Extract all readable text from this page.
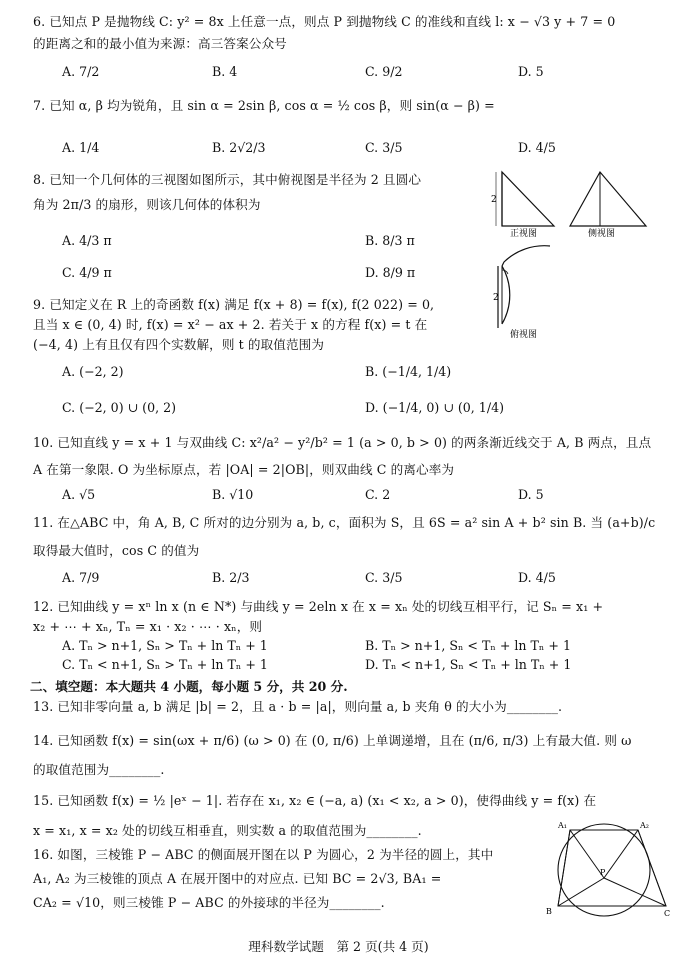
6. 已知点 P 是抛物线 C: y² = 8x 上任意一点，则点 P 到抛物线 C 的准线和直线 l: x − √3 y + 7 = 0
的距离之和的最小值为来源：高三答案公众号
A. 7/2	B. 4	C. 9/2	D. 5
7. 已知 α, β 均为锐角，且 sin α = 2sin β, cos α = ½ cos β，则 sin(α − β) =
A. 1/4	B. 2√2/3	C. 3/5	D. 4/5
8. 已知一个几何体的三视图如图所示，其中俯视图是半径为 2 且圆心
角为 2π/3 的扇形，则该几何体的体积为
A. 4/3 π	B. 8/3 π
C. 4/9 π	D. 8/9 π
9. 已知定义在 R 上的奇函数 f(x) 满足 f(x + 8) = f(x), f(2 022) = 0,
且当 x ∈ (0, 4) 时, f(x) = x² − ax + 2. 若关于 x 的方程 f(x) = t 在
(−4, 4) 上有且仅有四个实数解，则 t 的取值范围为
A. (−2, 2)	B. (−1/4, 1/4)
C. (−2, 0) ∪ (0, 2)	D. (−1/4, 0) ∪ (0, 1/4)
10. 已知直线 y = x + 1 与双曲线 C: x²/a² − y²/b² = 1 (a > 0, b > 0) 的两条渐近线交于 A, B 两点，且点
A 在第一象限. O 为坐标原点，若 |OA| = 2|OB|，则双曲线 C 的离心率为
A. √5	B. √10	C. 2	D. 5
11. 在△ABC 中，角 A, B, C 所对的边分别为 a, b, c，面积为 S，且 6S = a² sin A + b² sin B. 当 (a+b)/c
取得最大值时，cos C 的值为
A. 7/9	B. 2/3	C. 3/5	D. 4/5
12. 已知曲线 y = xⁿ ln x (n ∈ N*) 与曲线 y = 2eln x 在 x = xₙ 处的切线互相平行，记 Sₙ = x₁ +
x₂ + ⋯ + xₙ, Tₙ = x₁ · x₂ · ⋯ · xₙ，则
A. Tₙ > n+1, Sₙ > Tₙ + ln Tₙ + 1	B. Tₙ > n+1, Sₙ < Tₙ + ln Tₙ + 1
C. Tₙ < n+1, Sₙ > Tₙ + ln Tₙ + 1	D. Tₙ < n+1, Sₙ < Tₙ + ln Tₙ + 1
二、填空题：本大题共 4 小题，每小题 5 分，共 20 分.
13. 已知非零向量 a, b 满足 |b| = 2，且 a · b = |a|，则向量 a, b 夹角 θ 的大小为________.
14. 已知函数 f(x) = sin(ωx + π/6) (ω > 0) 在 (0, π/6) 上单调递增，且在 (π/6, π/3) 上有最大值. 则 ω
的取值范围为________.
15. 已知函数 f(x) = ½ |eˣ − 1|. 若存在 x₁, x₂ ∈ (−a, a) (x₁ < x₂, a > 0)，使得曲线 y = f(x) 在
x = x₁, x = x₂ 处的切线互相垂直，则实数 a 的取值范围为________.
16. 如图，三棱锥 P − ABC 的侧面展开图在以 P 为圆心，2 为半径的圆上，其中
A₁, A₂ 为三棱锥的顶点 A 在展开图中的对应点. 已知 BC = 2√3, BA₁ =
CA₂ = √10，则三棱锥 P − ABC 的外接球的半径为________.
2
正视图	侧视图
2
俯视图
A₁	A₂
B	C
P
理科数学试题　第 2 页(共 4 页)
